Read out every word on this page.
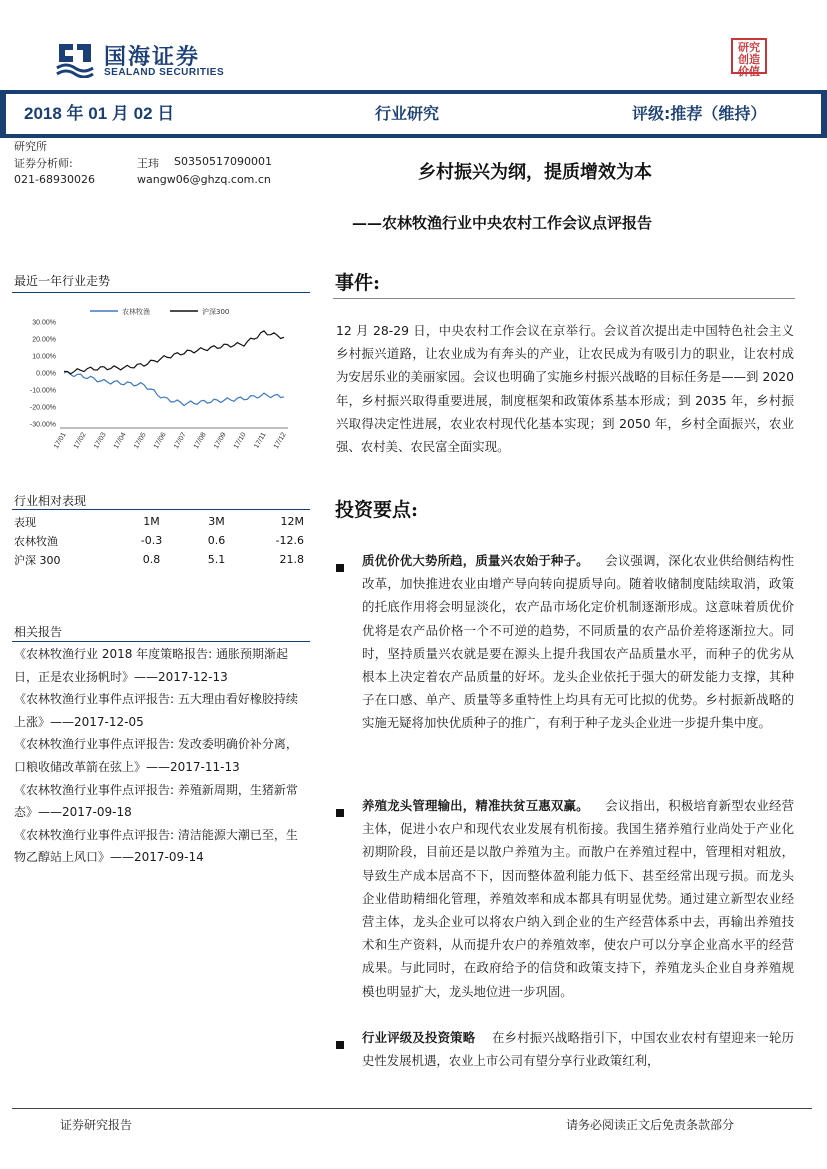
国海证券
SEALAND SECURITIES
研究创造价值
2018 年 01 月 02 日	行业研究	评级:推荐（维持）
研究所
证券分析师:	王玮 S0350517090001
021-68930026	wangw06@ghzq.com.cn	乡村振兴为纲，提质增效为本
——农林牧渔行业中央农村工作会议点评报告
最近一年行业走势
农林牧渔	沪深300
30.00%
20.00%
10.00%
0.00%
-10.00%
-20.00%
-30.00%
17/01 17/02 17/03 17/04 17/05 17/06 17/07 17/08 17/09 17/10 17/11 17/12
行业相对表现
表现	1M	3M	12M
农林牧渔	-0.3	0.6	-12.6
沪深 300	0.8	5.1	21.8
相关报告
《农林牧渔行业 2018 年度策略报告: 通胀预期渐起日，正是农业扬帆时》——2017-12-13
《农林牧渔行业事件点评报告: 五大理由看好橡胶持续上涨》——2017-12-05
《农林牧渔行业事件点评报告: 发改委明确价补分离，口粮收储改革箭在弦上》——2017-11-13
《农林牧渔行业事件点评报告: 养殖新周期，生猪新常态》——2017-09-18
《农林牧渔行业事件点评报告: 清洁能源大潮已至，生物乙醇站上风口》——2017-09-14
事件:
12 月 28-29 日，中央农村工作会议在京举行。会议首次提出走中国特色社会主义乡村振兴道路，让农业成为有奔头的产业，让农民成为有吸引力的职业，让农村成为安居乐业的美丽家园。会议也明确了实施乡村振兴战略的目标任务是——到 2020 年，乡村振兴取得重要进展，制度框架和政策体系基本形成；到 2035 年，乡村振兴取得决定性进展，农业农村现代化基本实现；到 2050 年，乡村全面振兴，农业强、农村美、农民富全面实现。
投资要点:
质优价优大势所趋，质量兴农始于种子。 会议强调，深化农业供给侧结构性改革，加快推进农业由增产导向转向提质导向。随着收储制度陆续取消，政策的托底作用将会明显淡化，农产品市场化定价机制逐渐形成。这意味着质优价优将是农产品价格一个不可逆的趋势，不同质量的农产品价差将逐渐拉大。同时，坚持质量兴农就是要在源头上提升我国农产品质量水平，而种子的优劣从根本上决定着农产品质量的好坏。龙头企业依托于强大的研发能力支撑，其种子在口感、单产、质量等多重特性上均具有无可比拟的优势。乡村振新战略的实施无疑将加快优质种子的推广，有利于种子龙头企业进一步提升集中度。
养殖龙头管理输出，精准扶贫互惠双赢。 会议指出，积极培育新型农业经营主体，促进小农户和现代农业发展有机衔接。我国生猪养殖行业尚处于产业化初期阶段，目前还是以散户养殖为主。而散户在养殖过程中，管理相对粗放，导致生产成本居高不下，因而整体盈利能力低下、甚至经常出现亏损。而龙头企业借助精细化管理，养殖效率和成本都具有明显优势。通过建立新型农业经营主体，龙头企业可以将农户纳入到企业的生产经营体系中去，再输出养殖技术和生产资料，从而提升农户的养殖效率，使农户可以分享企业高水平的经营成果。与此同时，在政府给予的信贷和政策支持下，养殖龙头企业自身养殖规模也明显扩大，龙头地位进一步巩固。
行业评级及投资策略 在乡村振兴战略指引下，中国农业农村有望迎来一轮历史性发展机遇，农业上市公司有望分享行业政策红利，
证券研究报告	请务必阅读正文后免责条款部分
